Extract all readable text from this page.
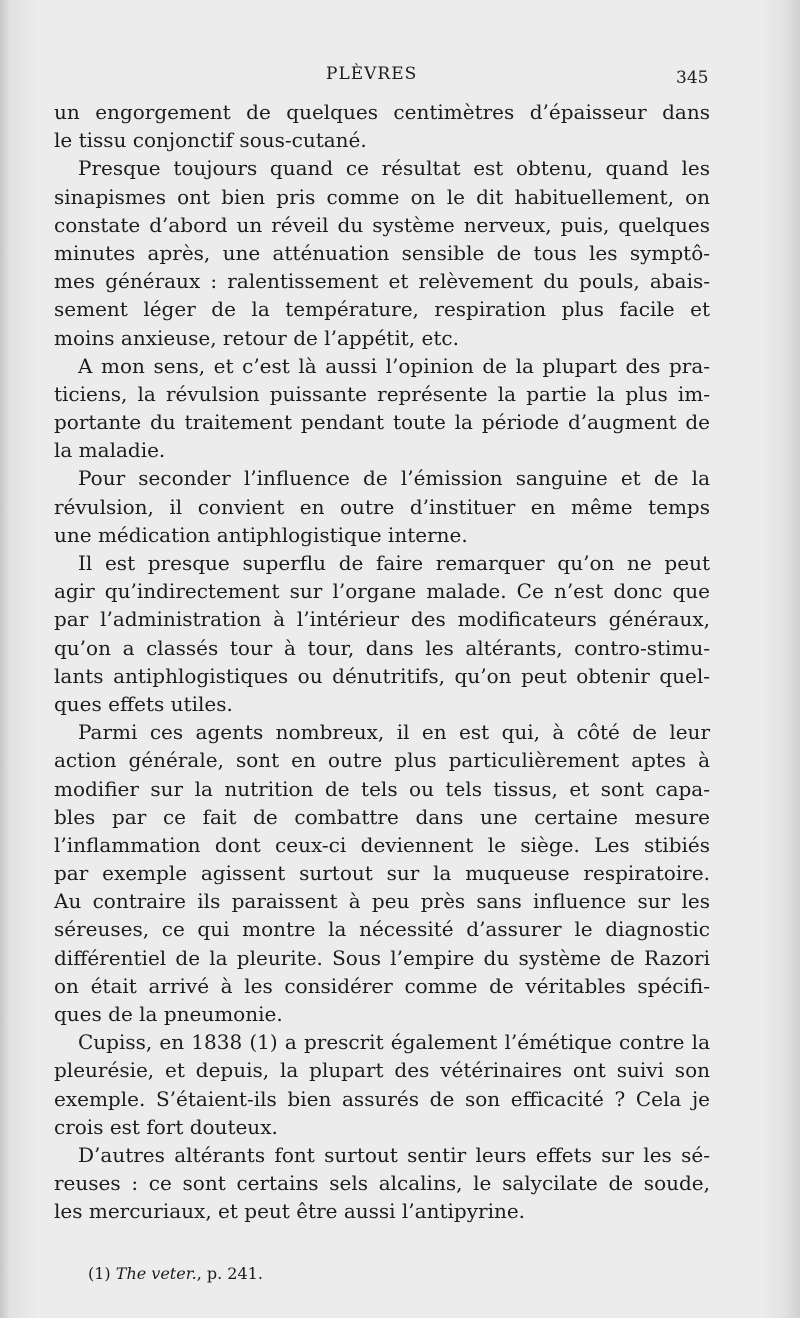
PLÈVRES	345
un engorgement de quelques centimètres d’épaisseur dans
le tissu conjonctif sous-cutané.
Presque toujours quand ce résultat est obtenu, quand les
sinapismes ont bien pris comme on le dit habituellement, on
constate d’abord un réveil du système nerveux, puis, quelques
minutes après, une atténuation sensible de tous les symptô-
mes généraux : ralentissement et relèvement du pouls, abais-
sement léger de la température, respiration plus facile et
moins anxieuse, retour de l’appétit, etc.
A mon sens, et c’est là aussi l’opinion de la plupart des pra-
ticiens, la révulsion puissante représente la partie la plus im-
portante du traitement pendant toute la période d’augment de
la maladie.
Pour seconder l’influence de l’émission sanguine et de la
révulsion, il convient en outre d’instituer en même temps
une médication antiphlogistique interne.
Il est presque superflu de faire remarquer qu’on ne peut
agir qu’indirectement sur l’organe malade. Ce n’est donc que
par l’administration à l’intérieur des modificateurs généraux,
qu’on a classés tour à tour, dans les altérants, contro-stimu-
lants antiphlogistiques ou dénutritifs, qu’on peut obtenir quel-
ques effets utiles.
Parmi ces agents nombreux, il en est qui, à côté de leur
action générale, sont en outre plus particulièrement aptes à
modifier sur la nutrition de tels ou tels tissus, et sont capa-
bles par ce fait de combattre dans une certaine mesure
l’inflammation dont ceux-ci deviennent le siège. Les stibiés
par exemple agissent surtout sur la muqueuse respiratoire.
Au contraire ils paraissent à peu près sans influence sur les
séreuses, ce qui montre la nécessité d’assurer le diagnostic
différentiel de la pleurite. Sous l’empire du système de Razori
on était arrivé à les considérer comme de véritables spécifi-
ques de la pneumonie.
Cupiss, en 1838 (1) a prescrit également l’émétique contre la
pleurésie, et depuis, la plupart des vétérinaires ont suivi son
exemple. S’étaient-ils bien assurés de son efficacité ? Cela je
crois est fort douteux.
D’autres altérants font surtout sentir leurs effets sur les sé-
reuses : ce sont certains sels alcalins, le salycilate de soude,
les mercuriaux, et peut être aussi l’antipyrine.
(1) The veter., p. 241.
